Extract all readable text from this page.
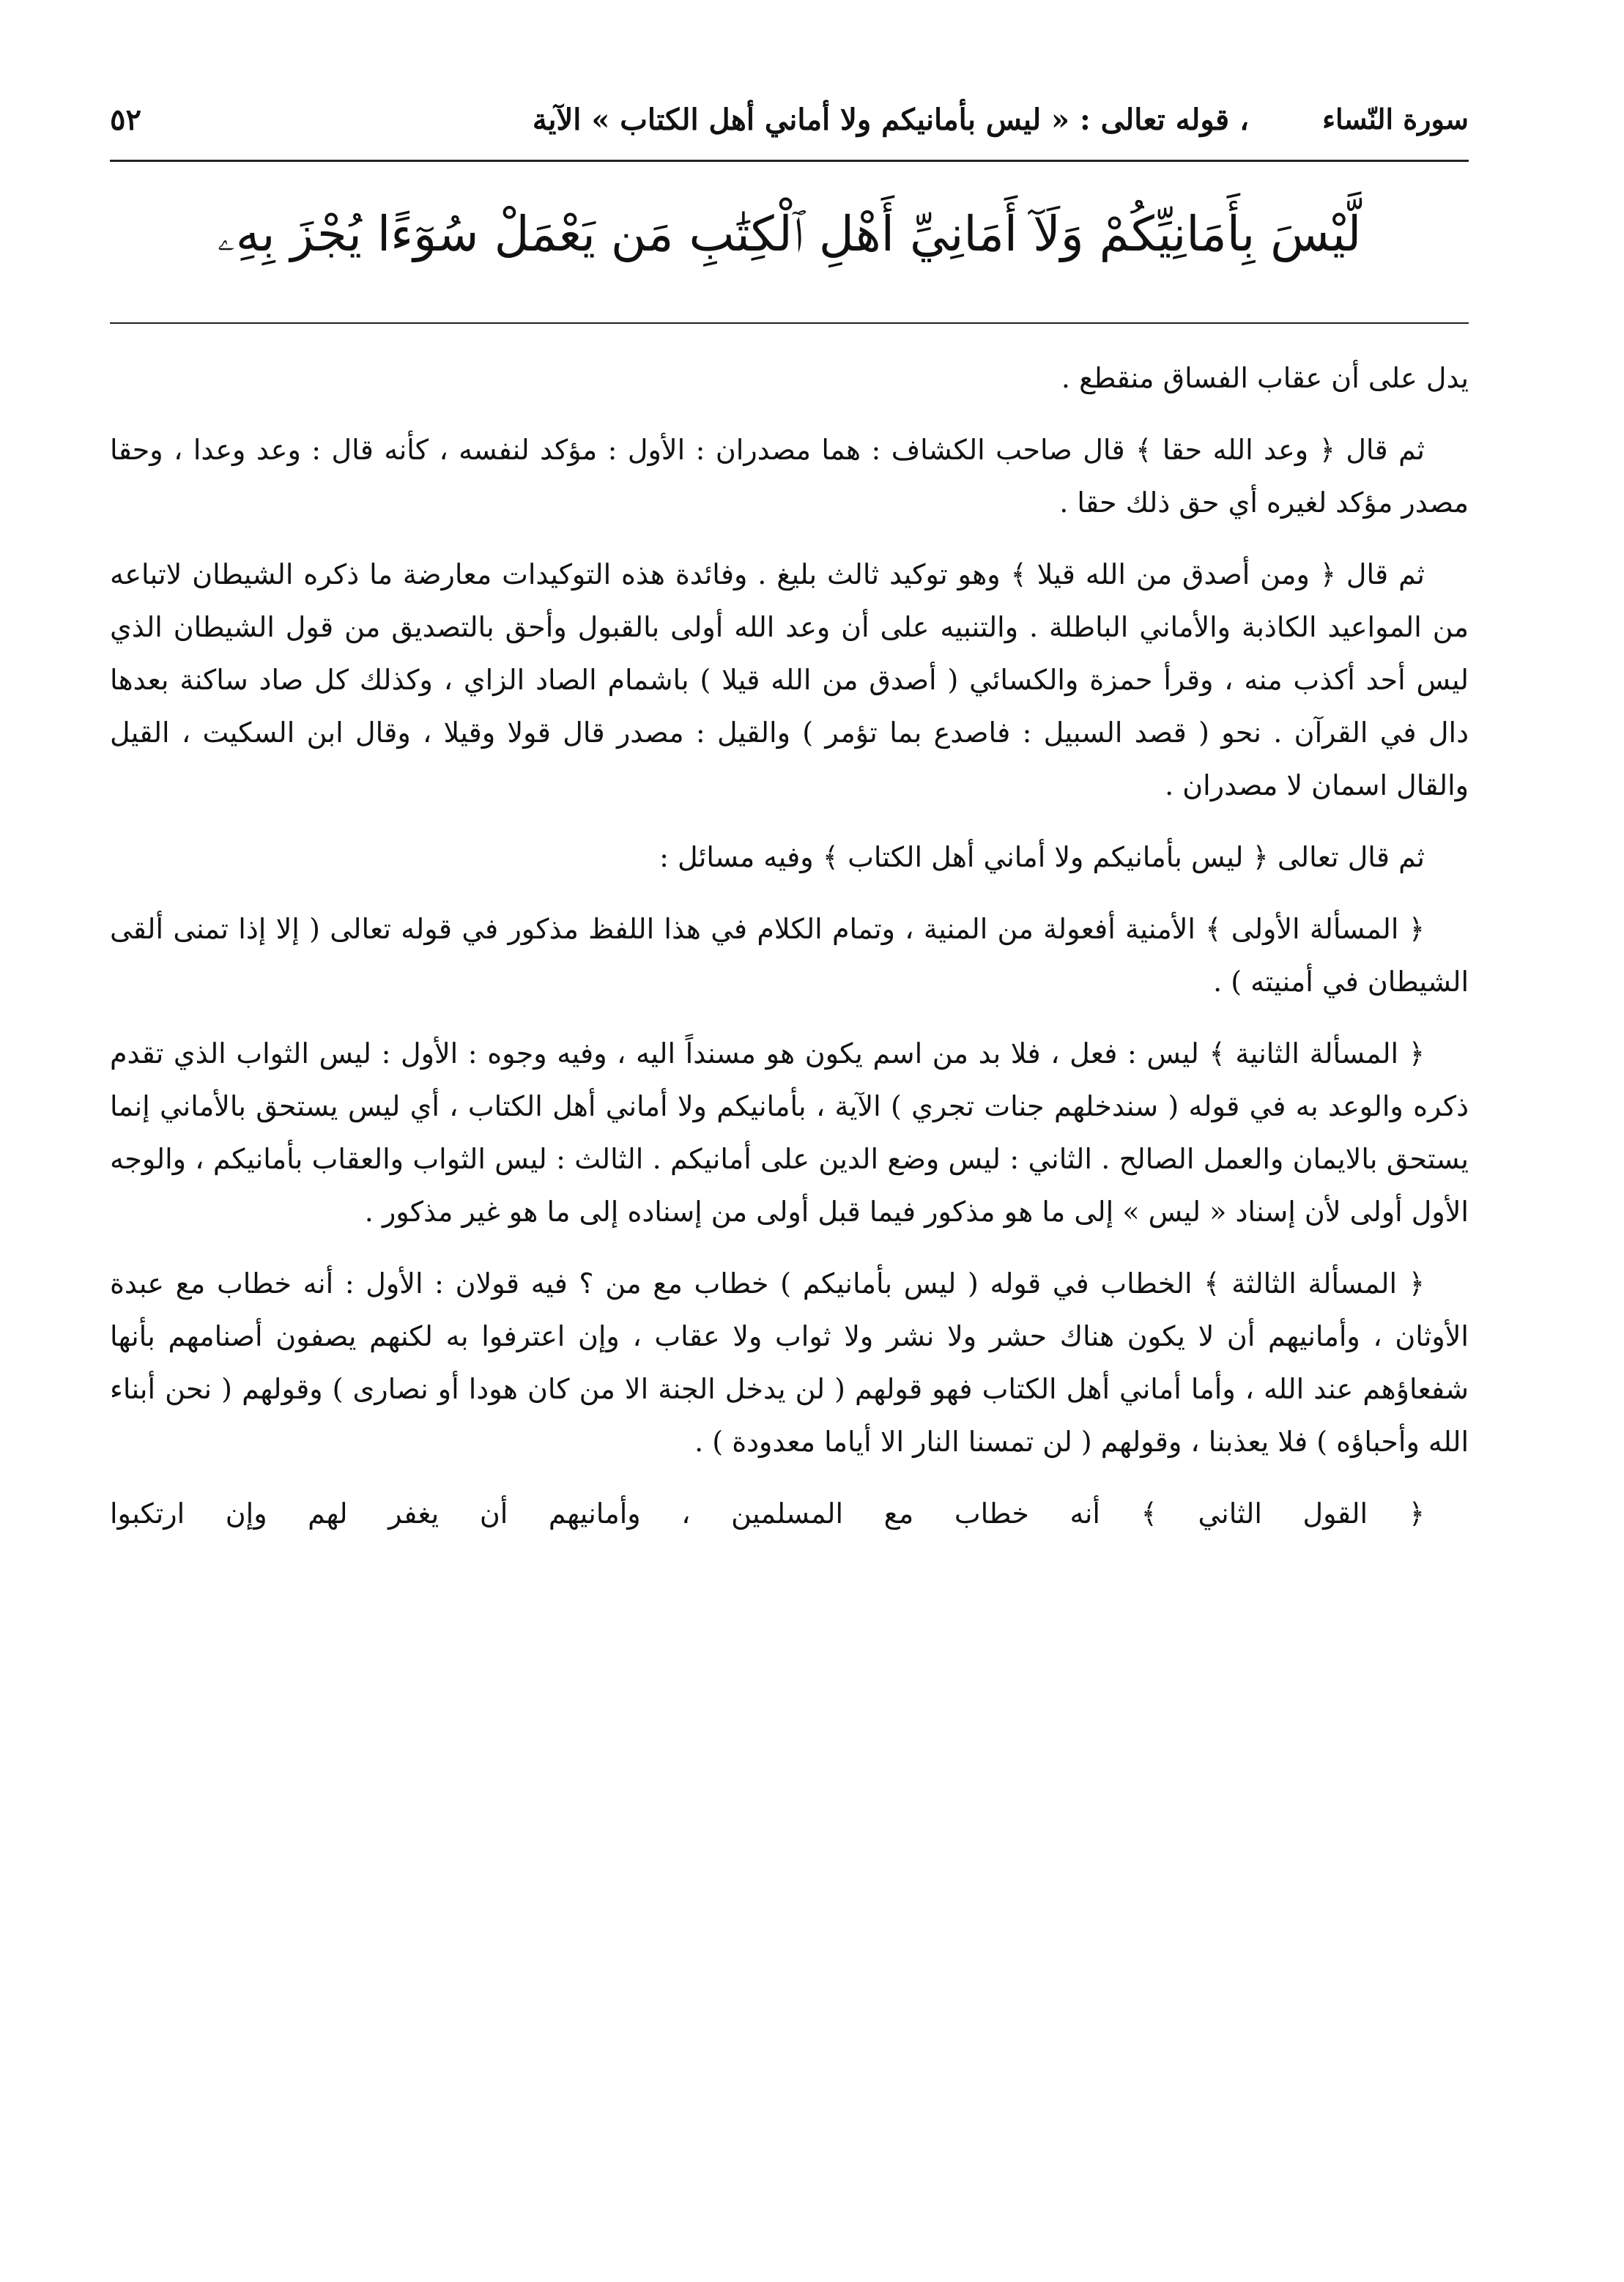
سورة النّساء
، قوله تعالى : « ليس بأمانيكم ولا أماني أهل الكتاب » الآية
٥٢
لَّيْسَ بِأَمَانِيِّكُمْ وَلَآ أَمَانِيِّ أَهْلِ ٱلْكِتَٰبِ مَن يَعْمَلْ سُوٓءًا يُجْزَ بِهِۦ

يدل على أن عقاب الفساق منقطع .

ثم قال ﴿ وعد الله حقا ﴾ قال صاحب الكشاف : هما مصدران : الأول : مؤكد لنفسه ، كأنه قال : وعد وعدا ، وحقا مصدر مؤكد لغيره أي حق ذلك حقا .

ثم قال ﴿ ومن أصدق من الله قيلا ﴾ وهو توكيد ثالث بليغ . وفائدة هذه التوكيدات معارضة ما ذكره الشيطان لاتباعه من المواعيد الكاذبة والأماني الباطلة . والتنبيه على أن وعد الله أولى بالقبول وأحق بالتصديق من قول الشيطان الذي ليس أحد أكذب منه ، وقرأ حمزة والكسائي ( أصدق من الله قيلا ) باشمام الصاد الزاي ، وكذلك كل صاد ساكنة بعدها دال في القرآن . نحو ( قصد السبيل : فاصدع بما تؤمر ) والقيل : مصدر قال قولا وقيلا ، وقال ابن السكيت ، القيل والقال اسمان لا مصدران .

ثم قال تعالى ﴿ ليس بأمانيكم ولا أماني أهل الكتاب ﴾ وفيه مسائل :

﴿ المسألة الأولى ﴾ الأمنية أفعولة من المنية ، وتمام الكلام في هذا اللفظ مذكور في قوله تعالى ( إلا إذا تمنى ألقى الشيطان في أمنيته ) .

﴿ المسألة الثانية ﴾ ليس : فعل ، فلا بد من اسم يكون هو مسنداً اليه ، وفيه وجوه : الأول : ليس الثواب الذي تقدم ذكره والوعد به في قوله ( سندخلهم جنات تجري ) الآية ، بأمانيكم ولا أماني أهل الكتاب ، أي ليس يستحق بالأماني إنما يستحق بالايمان والعمل الصالح . الثاني : ليس وضع الدين على أمانيكم . الثالث : ليس الثواب والعقاب بأمانيكم ، والوجه الأول أولى لأن إسناد « ليس » إلى ما هو مذكور فيما قبل أولى من إسناده إلى ما هو غير مذكور .

﴿ المسألة الثالثة ﴾ الخطاب في قوله ( ليس بأمانيكم ) خطاب مع من ؟ فيه قولان : الأول : أنه خطاب مع عبدة الأوثان ، وأمانيهم أن لا يكون هناك حشر ولا نشر ولا ثواب ولا عقاب ، وإن اعترفوا به لكنهم يصفون أصنامهم بأنها شفعاؤهم عند الله ، وأما أماني أهل الكتاب فهو قولهم ( لن يدخل الجنة الا من كان هودا أو نصارى ) وقولهم ( نحن أبناء الله وأحباؤه ) فلا يعذبنا ، وقولهم ( لن تمسنا النار الا أياما معدودة ) .

﴿ القول الثاني ﴾ أنه خطاب مع المسلمين ، وأمانيهم أن يغفر لهم وإن ارتكبوا
